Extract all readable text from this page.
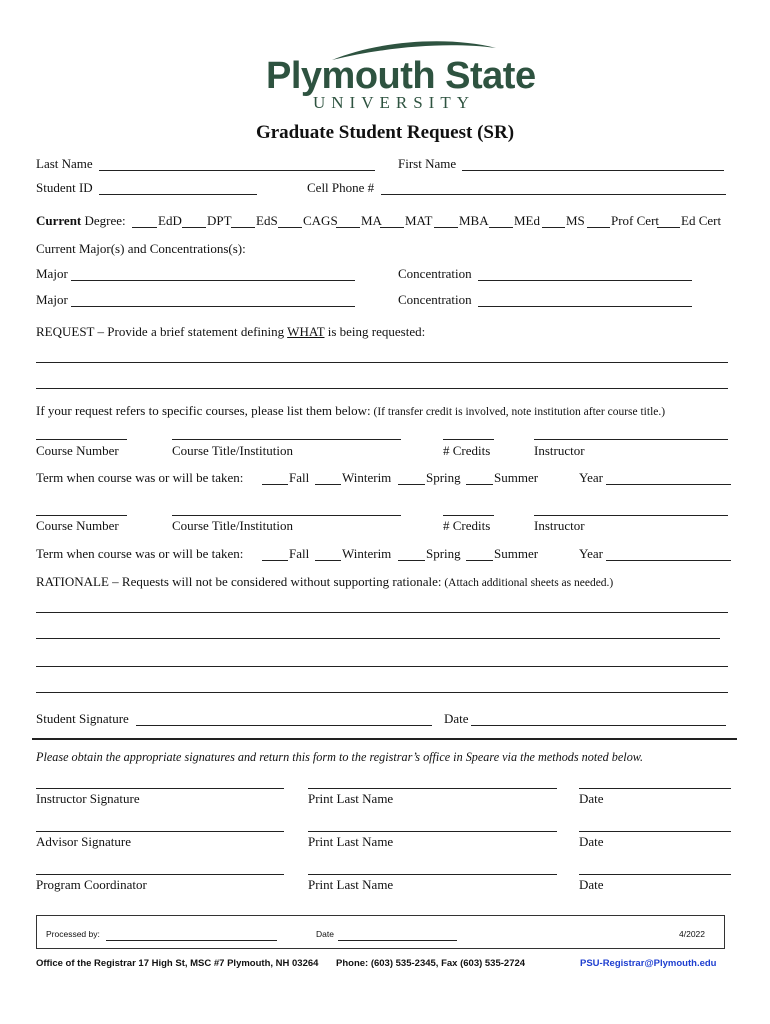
Plymouth State
UNIVERSITY
Graduate Student Request (SR)
Last Name	First Name
Student ID	Cell Phone #
Current Degree: EdD DPT EdS CAGS MA MAT MBA MEd MS Prof Cert Ed Cert
Current Major(s) and Concentrations(s):
Major	Concentration
Major	Concentration
REQUEST – Provide a brief statement defining WHAT is being requested:
If your request refers to specific courses, please list them below: (If transfer credit is involved, note institution after course title.)
Course Number	Course Title/Institution	# Credits	Instructor
Term when course was or will be taken:	Fall	Winterim	Spring	Summer	Year
Course Number	Course Title/Institution	# Credits	Instructor
Term when course was or will be taken:	Fall	Winterim	Spring	Summer	Year
RATIONALE – Requests will not be considered without supporting rationale: (Attach additional sheets as needed.)
Student Signature	Date
Please obtain the appropriate signatures and return this form to the registrar’s office in Speare via the methods noted below.
Instructor Signature	Print Last Name	Date
Advisor Signature	Print Last Name	Date
Program Coordinator	Print Last Name	Date
Processed by:	Date	4/2022
Office of the Registrar 17 High St, MSC #7 Plymouth, NH 03264 Phone: (603) 535-2345, Fax (603) 535-2724	PSU-Registrar@Plymouth.edu
